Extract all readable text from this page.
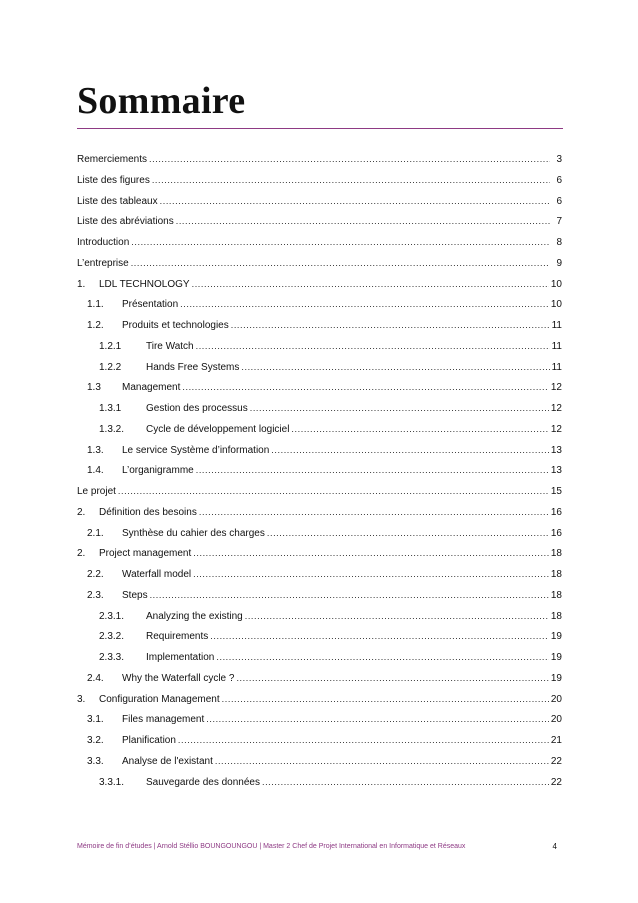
Sommaire
Remerciements .....	3
Liste des figures .....	6
Liste des tableaux .....	6
Liste des abréviations .....	7
Introduction .....	8
L’entreprise .....	9
1.	LDL TECHNOLOGY .....	10
1.1.	Présentation .....	10
1.2.	Produits et technologies .....	11
1.2.1	Tire Watch .....	11
1.2.2	Hands Free Systems .....	11
1.3	Management .....	12
1.3.1	Gestion des processus .....	12
1.3.2.	Cycle de développement logiciel .....	12
1.3.	Le service Système d’information .....	13
1.4.	L’organigramme .....	13
Le projet .....	15
2.	Définition des besoins .....	16
2.1.	Synthèse du cahier des charges .....	16
2.	Project management .....	18
2.2.	Waterfall model .....	18
2.3.	Steps .....	18
2.3.1.	Analyzing the existing .....	18
2.3.2.	Requirements .....	19
2.3.3.	Implementation .....	19
2.4.	Why the Waterfall cycle ? .....	19
3.	Configuration Management .....	20
3.1.	Files management .....	20
3.2.	Planification .....	21
3.3.	Analyse de l'existant .....	22
3.3.1.	Sauvegarde des données .....	22
Mémoire de fin d’études | Arnold Stéllio BOUNGOUNGOU | Master 2 Chef de Projet International en Informatique et Réseaux	4
